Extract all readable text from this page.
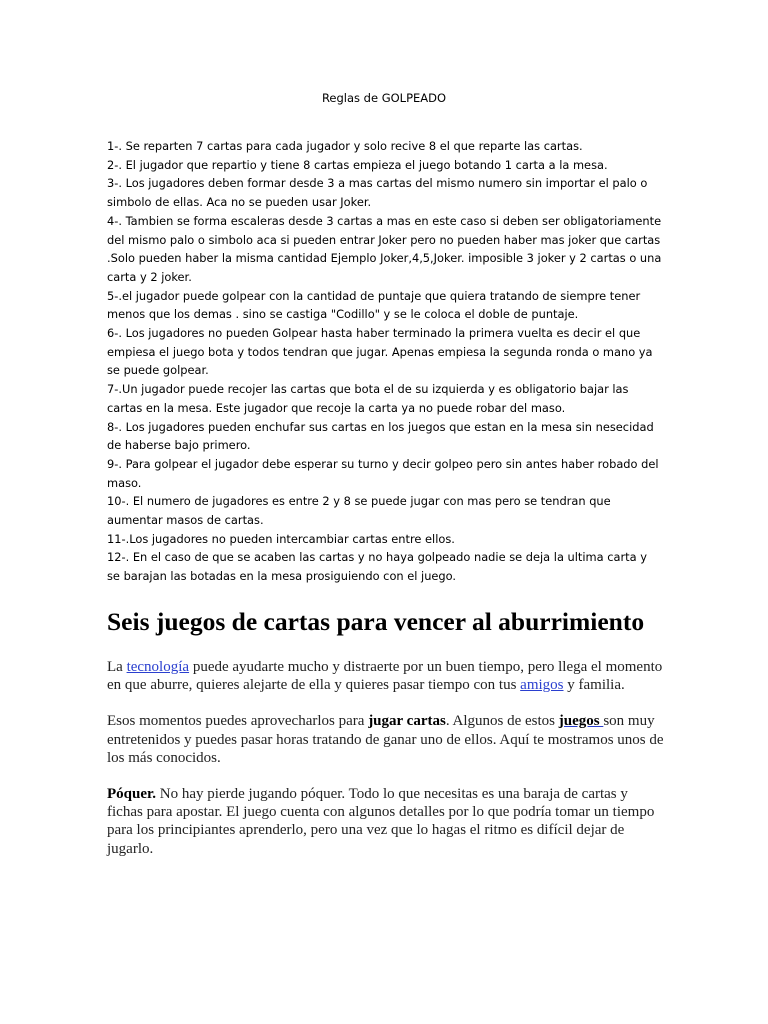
Reglas de GOLPEADO
1-. Se reparten 7 cartas para cada jugador y solo recive 8 el que reparte las cartas.
2-. El jugador que repartio y tiene 8 cartas empieza el juego botando 1 carta a la mesa.
3-. Los jugadores deben formar desde 3 a mas cartas del mismo numero sin importar el palo o simbolo de ellas. Aca no se pueden usar Joker.
4-. Tambien se forma escaleras desde 3 cartas a mas en este caso si deben ser obligatoriamente del mismo palo o simbolo aca si pueden entrar Joker pero no pueden haber mas joker que cartas .Solo pueden haber la misma cantidad Ejemplo Joker,4,5,Joker. imposible 3 joker y 2 cartas o una carta y 2 joker.
5-.el jugador puede golpear con la cantidad de puntaje que quiera tratando de siempre tener menos que los demas . sino se castiga "Codillo" y se le coloca el doble de puntaje.
6-. Los jugadores no pueden Golpear hasta haber terminado la primera vuelta es decir el que empiesa el juego bota y todos tendran que jugar. Apenas empiesa la segunda ronda o mano ya se puede golpear.
7-.Un jugador puede recojer las cartas que bota el de su izquierda y es obligatorio bajar las cartas en la mesa. Este jugador que recoje la carta ya no puede robar del maso.
8-. Los jugadores pueden enchufar sus cartas en los juegos que estan en la mesa sin nesecidad de haberse bajo primero.
9-. Para golpear el jugador debe esperar su turno y decir golpeo pero sin antes haber robado del maso.
10-. El numero de jugadores es entre 2 y 8 se puede jugar con mas pero se tendran que aumentar masos de cartas.
11-.Los jugadores no pueden intercambiar cartas entre ellos.
12-. En el caso de que se acaben las cartas y no haya golpeado nadie se deja la ultima carta y se barajan las botadas en la mesa prosiguiendo con el juego.
Seis juegos de cartas para vencer al aburrimiento

La tecnología puede ayudarte mucho y distraerte por un buen tiempo, pero llega el momento en que aburre, quieres alejarte de ella y quieres pasar tiempo con tus amigos y familia.

Esos momentos puedes aprovecharlos para jugar cartas. Algunos de estos juegos son muy entretenidos y puedes pasar horas tratando de ganar uno de ellos. Aquí te mostramos unos de los más conocidos.

Póquer. No hay pierde jugando póquer. Todo lo que necesitas es una baraja de cartas y fichas para apostar. El juego cuenta con algunos detalles por lo que podría tomar un tiempo para los principiantes aprenderlo, pero una vez que lo hagas el ritmo es difícil dejar de jugarlo.
